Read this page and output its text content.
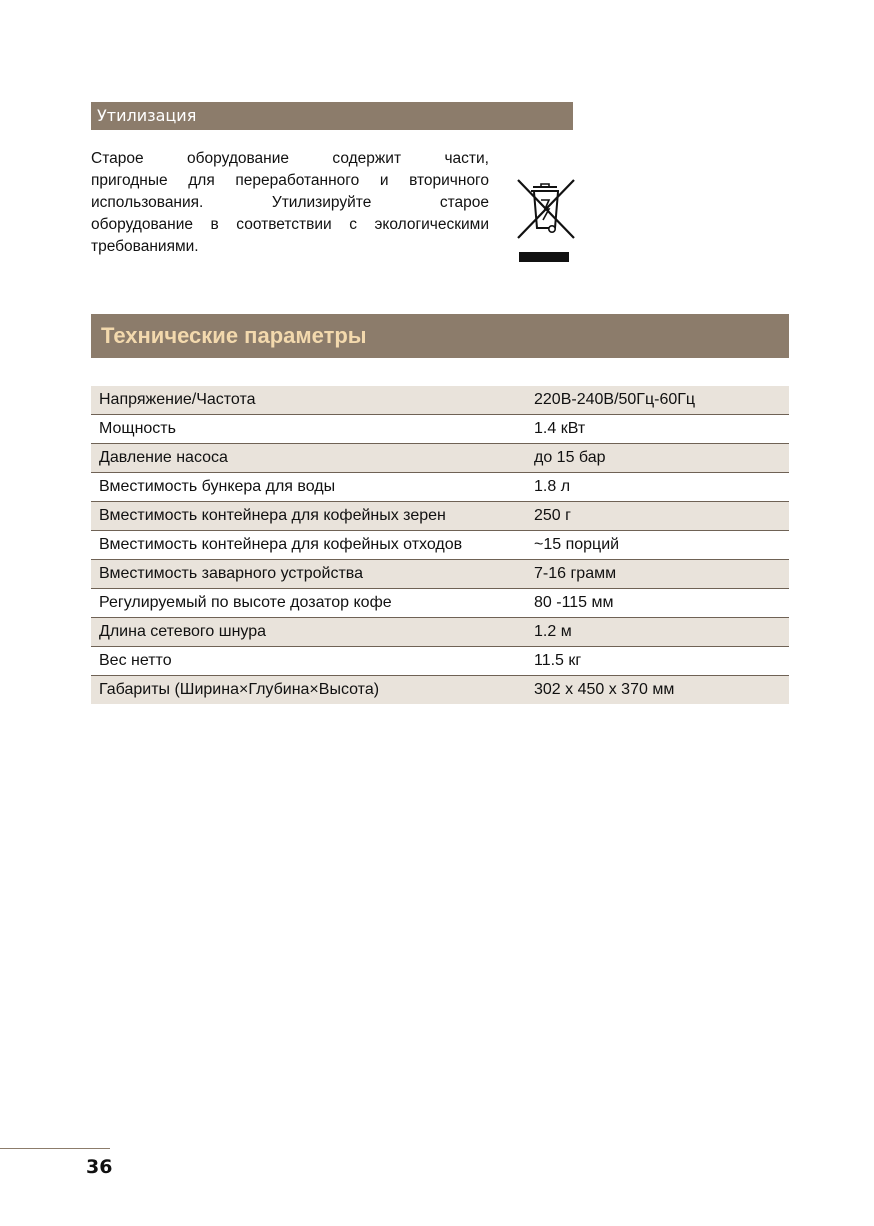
Утилизация

Старое оборудование содержит части,

пригодные для переработанного и вторичного

использования. Утилизируйте старое

оборудование в соответствии с экологическими

требованиями.

Технические параметры
Напряжение/Частота	220В-240В/50Гц-60Гц
Мощность	1.4 кВт
Давление насоса	до 15 бар
Вместимость бункера для воды	1.8 л
Вместимость контейнера для кофейных зерен	250 г
Вместимость контейнера для кофейных отходов	~15 порций
Вместимость заварного устройства	7-16 грамм
Регулируемый по высоте дозатор кофе	80 -115 мм
Длина сетевого шнура	1.2 м
Вес нетто	11.5 кг
Габариты (Ширина×Глубина×Высота)	302 x 450 x 370 мм
36
